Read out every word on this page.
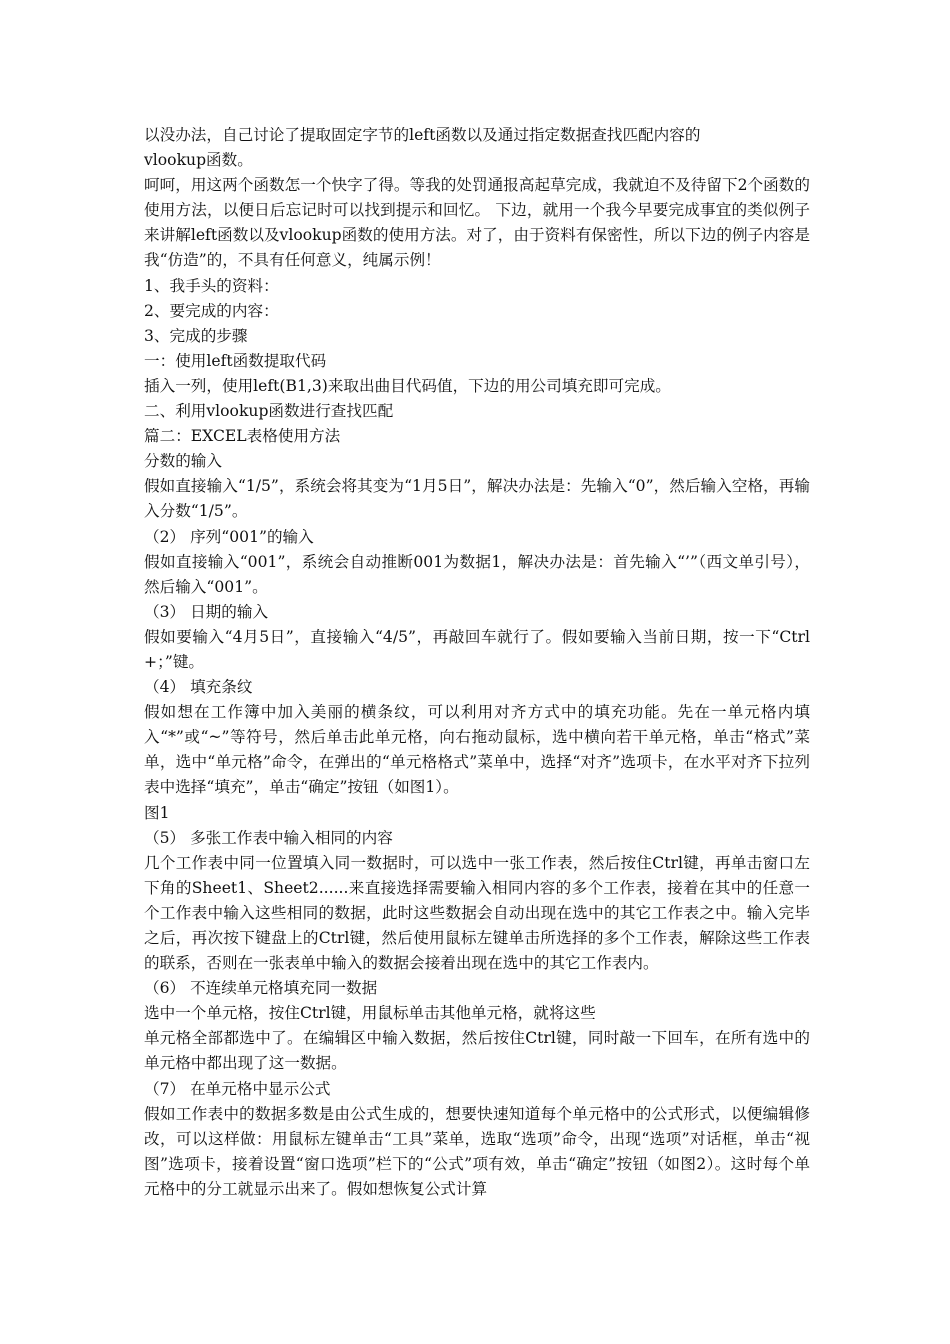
以没办法，自己讨论了提取固定字节的left函数以及通过指定数据查找匹配内容的

vlookup函数。

呵呵，用这两个函数怎一个快字了得。等我的处罚通报高起草完成，我就迫不及待留下2个函数的使用方法，以便日后忘记时可以找到提示和回忆。 下边，就用一个我今早要完成事宜的类似例子来讲解left函数以及vlookup函数的使用方法。对了，由于资料有保密性，所以下边的例子内容是我“仿造”的，不具有任何意义，纯属示例！

1、我手头的资料：

2、要完成的内容：

3、完成的步骤

一：使用left函数提取代码

插入一列，使用left(B1,3)来取出曲目代码值，下边的用公司填充即可完成。

二、利用vlookup函数进行查找匹配

篇二：EXCEL表格使用方法

分数的输入

假如直接输入“1/5”，系统会将其变为“1月5日”，解决办法是：先输入“0”，然后输入空格，再输入分数“1/5”。

（2） 序列“001”的输入

假如直接输入“001”，系统会自动推断001为数据1，解决办法是：首先输入“’”（西文单引号），然后输入“001”。

（3） 日期的输入

假如要输入“4月5日”，直接输入“4/5”，再敲回车就行了。假如要输入当前日期，按一下“Ctrl+；”键。

（4） 填充条纹

假如想在工作簿中加入美丽的横条纹，可以利用对齐方式中的填充功能。先在一单元格内填入“*”或“~”等符号，然后单击此单元格，向右拖动鼠标，选中横向若干单元格，单击“格式”菜单，选中“单元格”命令，在弹出的“单元格格式”菜单中，选择“对齐”选项卡，在水平对齐下拉列表中选择“填充”，单击“确定”按钮（如图1）。

图1

（5） 多张工作表中输入相同的内容

几个工作表中同一位置填入同一数据时，可以选中一张工作表，然后按住Ctrl键，再单击窗口左下角的Sheet1、Sheet2......来直接选择需要输入相同内容的多个工作表，接着在其中的任意一个工作表中输入这些相同的数据，此时这些数据会自动出现在选中的其它工作表之中。输入完毕之后，再次按下键盘上的Ctrl键，然后使用鼠标左键单击所选择的多个工作表，解除这些工作表的联系，否则在一张表单中输入的数据会接着出现在选中的其它工作表内。

（6） 不连续单元格填充同一数据

选中一个单元格，按住Ctrl键，用鼠标单击其他单元格，就将这些

单元格全部都选中了。在编辑区中输入数据，然后按住Ctrl键，同时敲一下回车，在所有选中的单元格中都出现了这一数据。

（7） 在单元格中显示公式

假如工作表中的数据多数是由公式生成的，想要快速知道每个单元格中的公式形式，以便编辑修改，可以这样做：用鼠标左键单击“工具”菜单，选取“选项”命令，出现“选项”对话框，单击“视图”选项卡，接着设置“窗口选项”栏下的“公式”项有效，单击“确定”按钮（如图2）。这时每个单元格中的分工就显示出来了。假如想恢复公式计算
